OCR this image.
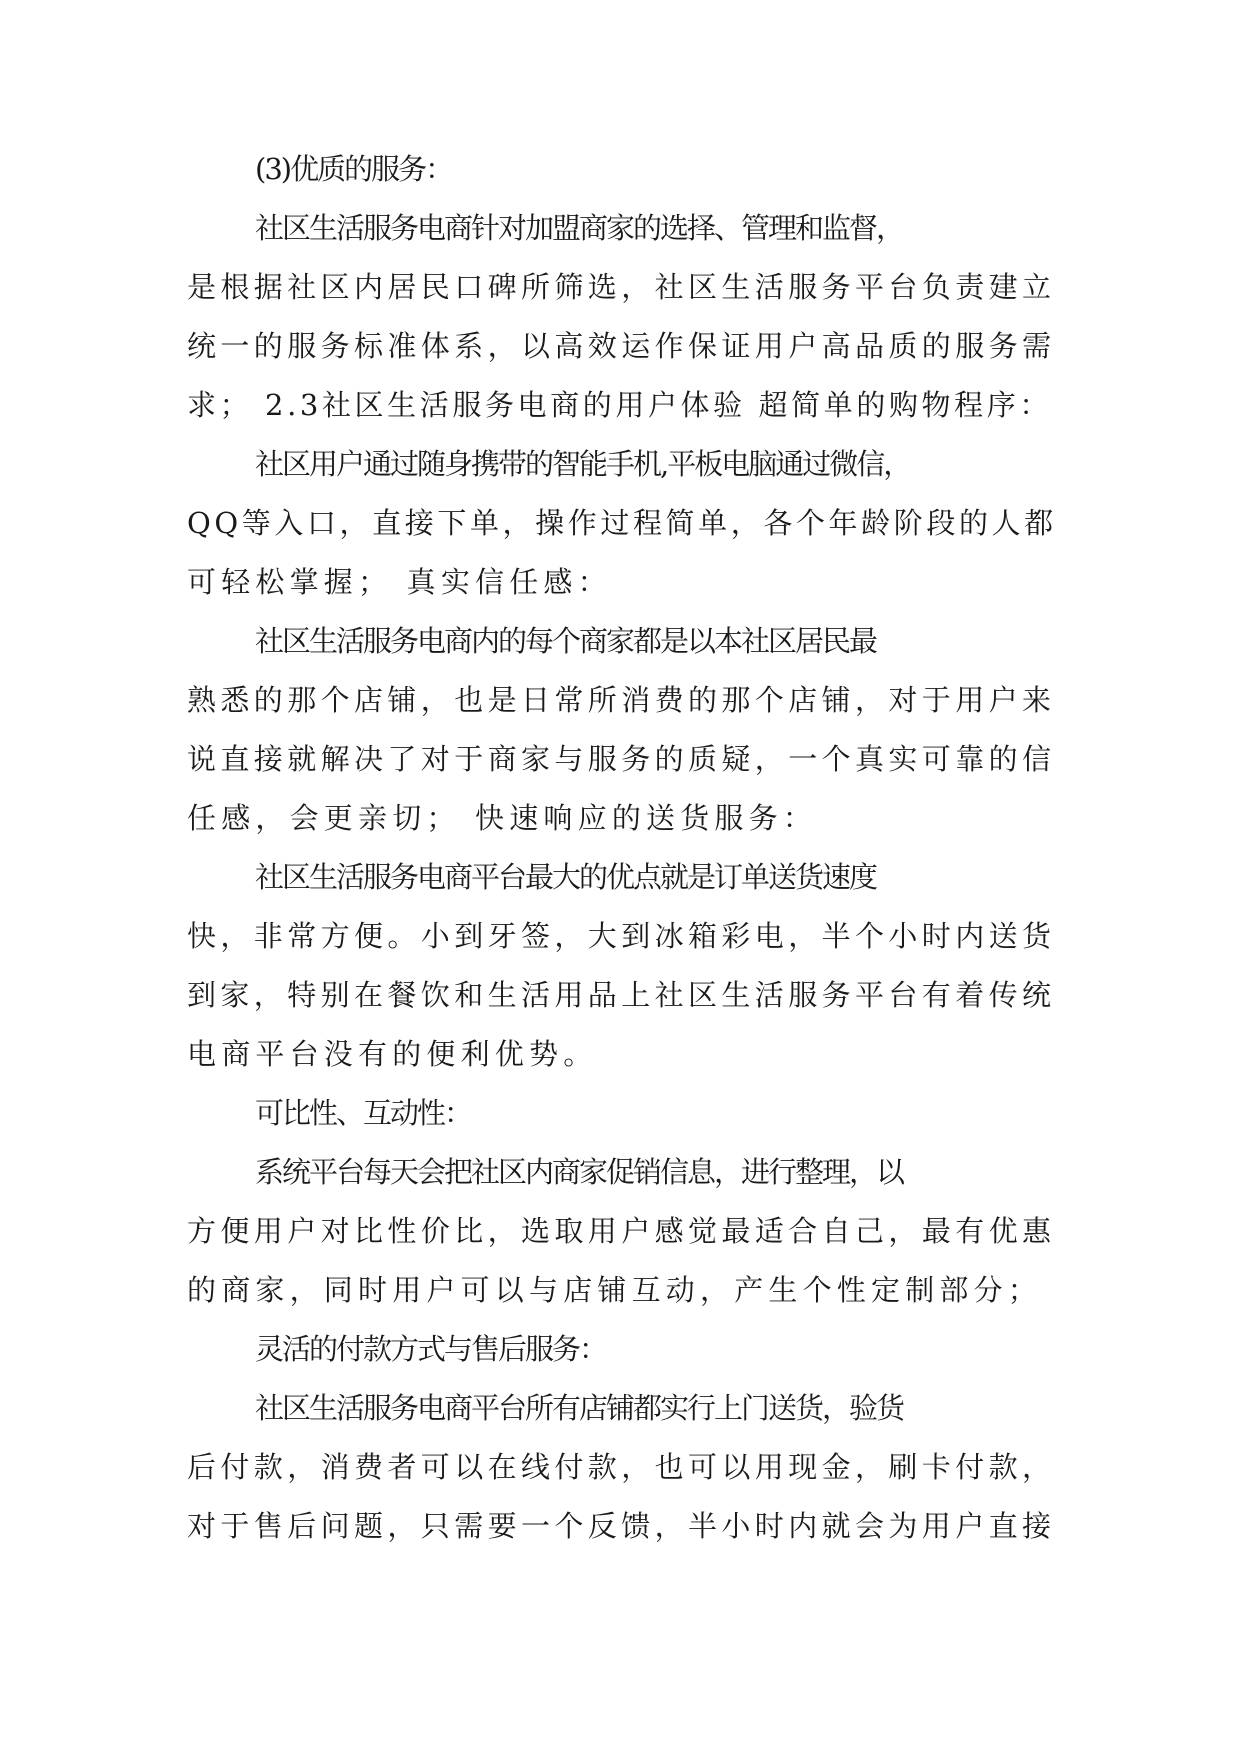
(3)优质的服务：
社区生活服务电商针对加盟商家的选择、管理和监督，
是根据社区内居民口碑所筛选，社区生活服务平台负责建立
统一的服务标准体系，以高效运作保证用户高品质的服务需
求； 2.3社区生活服务电商的用户体验 超简单的购物程序：
社区用户通过随身携带的智能手机,平板电脑通过微信，
QQ等入口，直接下单，操作过程简单，各个年龄阶段的人都
可轻松掌握； 真实信任感：
社区生活服务电商内的每个商家都是以本社区居民最
熟悉的那个店铺，也是日常所消费的那个店铺，对于用户来
说直接就解决了对于商家与服务的质疑，一个真实可靠的信
任感，会更亲切； 快速响应的送货服务：
社区生活服务电商平台最大的优点就是订单送货速度
快，非常方便。小到牙签，大到冰箱彩电，半个小时内送货
到家，特别在餐饮和生活用品上社区生活服务平台有着传统
电商平台没有的便利优势。
可比性、互动性：
系统平台每天会把社区内商家促销信息，进行整理，以
方便用户对比性价比，选取用户感觉最适合自己，最有优惠
的商家，同时用户可以与店铺互动，产生个性定制部分；
灵活的付款方式与售后服务：
社区生活服务电商平台所有店铺都实行上门送货，验货
后付款，消费者可以在线付款，也可以用现金，刷卡付款，
对于售后问题，只需要一个反馈，半小时内就会为用户直接
